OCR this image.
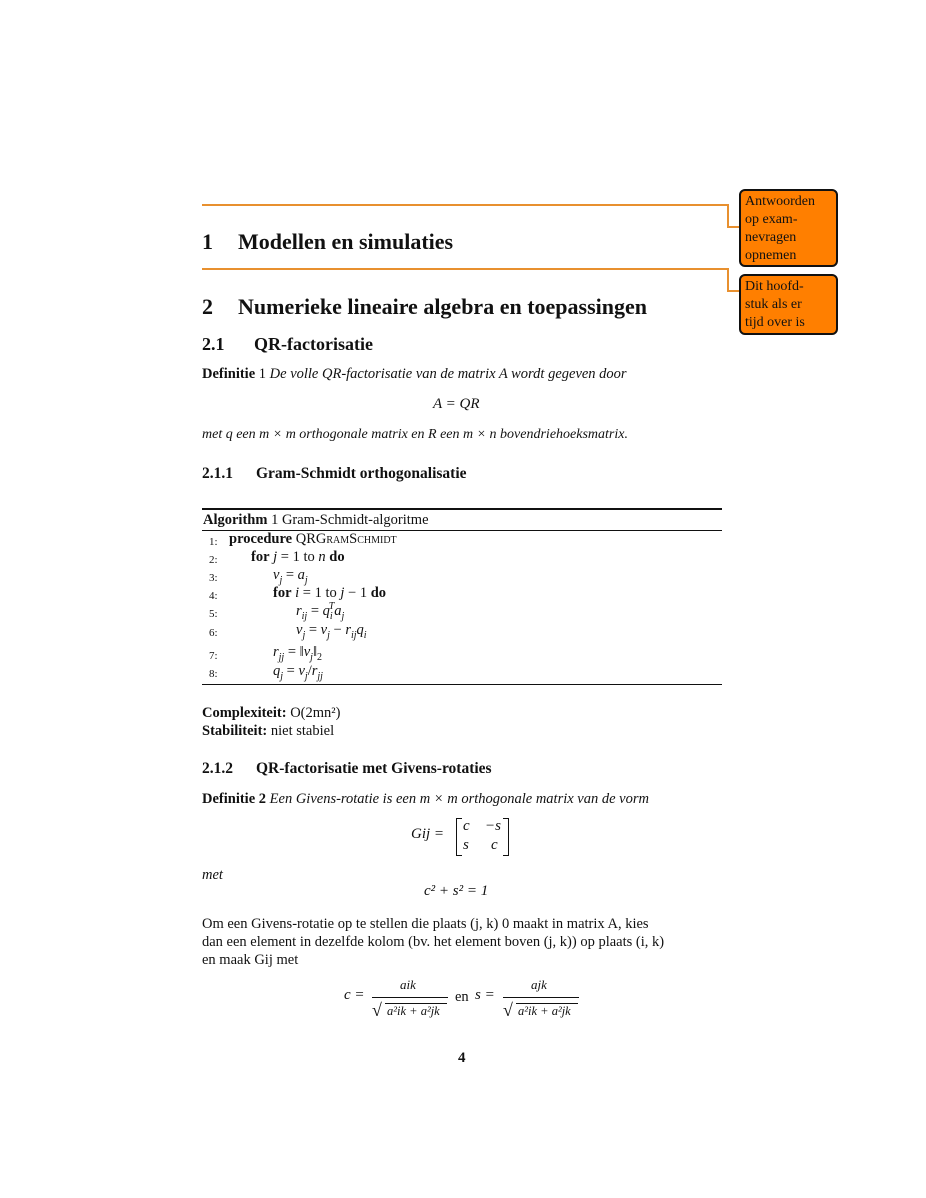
Antwoorden
op exam-
nevragen
opnemen
Dit hoofd-
stuk als er
tijd over is
1 Modellen en simulaties
2 Numerieke lineaire algebra en toepassingen
2.1 QR-factorisatie
Definitie 1 De volle QR-factorisatie van de matrix A wordt gegeven door
A = QR
met q een m × m orthogonale matrix en R een m × n bovendriehoeksmatrix.
2.1.1 Gram-Schmidt orthogonalisatie
Algorithm 1 Gram-Schmidt-algoritme
1: procedure QRGramSchmidt
2: for j = 1 to n do
3:	$v_j = a_j$
4:	for i = 1 to j − 1 do
5:	$r_{ij} = q_i^Ta_j$
6:	$v_j = v_j - r_{ij}q_i$
7:	$r_{jj}$ = $‖v_j‖_2$
8:	$q_j = v_j/r_{jj}$
Complexiteit: O(2mn²)
Stabiliteit: niet stabiel
2.1.2 QR-factorisatie met Givens-rotaties
Definitie 2 Een Givens-rotatie is een m × m orthogonale matrix van de vorm
Gij = c −s
s c
met
c² + s² = 1
Om een Givens-rotatie op te stellen die plaats (j, k) 0 maakt in matrix A, kies
dan een element in dezelfde kolom (bv. het element boven (j, k)) op plaats (i, k)
en maak Gij met
c =
aik
√ a²ik + a²jk
en s =
ajk
√ a²ik + a²jk
4
